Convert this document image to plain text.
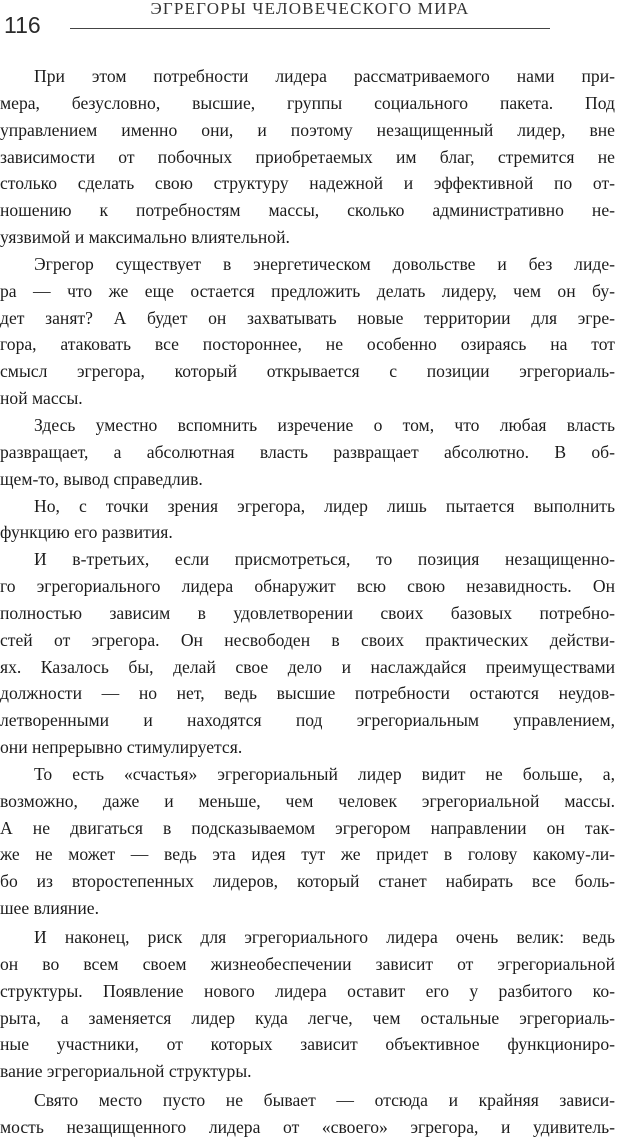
116
ЭГРЕГОРЫ ЧЕЛОВЕЧЕСКОГО МИРА
При этом потребности лидера рассматриваемого нами при-
мера, безусловно, высшие, группы социального пакета. Под
управлением именно они, и поэтому незащищенный лидер, вне
зависимости от побочных приобретаемых им благ, стремится не
столько сделать свою структуру надежной и эффективной по от-
ношению к потребностям массы, сколько административно не-
уязвимой и максимально влиятельной.
Эгрегор существует в энергетическом довольстве и без лиде-
ра — что же еще остается предложить делать лидеру, чем он бу-
дет занят? А будет он захватывать новые территории для эгре-
гора, атаковать все постороннее, не особенно озираясь на тот
смысл эгрегора, который открывается с позиции эгрегориаль-
ной массы.
Здесь уместно вспомнить изречение о том, что любая власть
развращает, а абсолютная власть развращает абсолютно. В об-
щем-то, вывод справедлив.
Но, с точки зрения эгрегора, лидер лишь пытается выполнить
функцию его развития.
И в-третьих, если присмотреться, то позиция незащищенно-
го эгрегориального лидера обнаружит всю свою незавидность. Он
полностью зависим в удовлетворении своих базовых потребно-
стей от эгрегора. Он несвободен в своих практических действи-
ях. Казалось бы, делай свое дело и наслаждайся преимуществами
должности — но нет, ведь высшие потребности остаются неудов-
летворенными и находятся под эгрегориальным управлением,
они непрерывно стимулируется.
То есть «счастья» эгрегориальный лидер видит не больше, а,
возможно, даже и меньше, чем человек эгрегориальной массы.
А не двигаться в подсказываемом эгрегором направлении он так-
же не может — ведь эта идея тут же придет в голову какому-ли-
бо из второстепенных лидеров, который станет набирать все боль-
шее влияние.
И наконец, риск для эгрегориального лидера очень велик: ведь
он во всем своем жизнеобеспечении зависит от эгрегориальной
структуры. Появление нового лидера оставит его у разбитого ко-
рыта, а заменяется лидер куда легче, чем остальные эгрегориаль-
ные участники, от которых зависит объективное функциониро-
вание эгрегориальной структуры.
Свято место пусто не бывает — отсюда и крайняя зависи-
мость незащищенного лидера от «своего» эгрегора, и удивитель-
